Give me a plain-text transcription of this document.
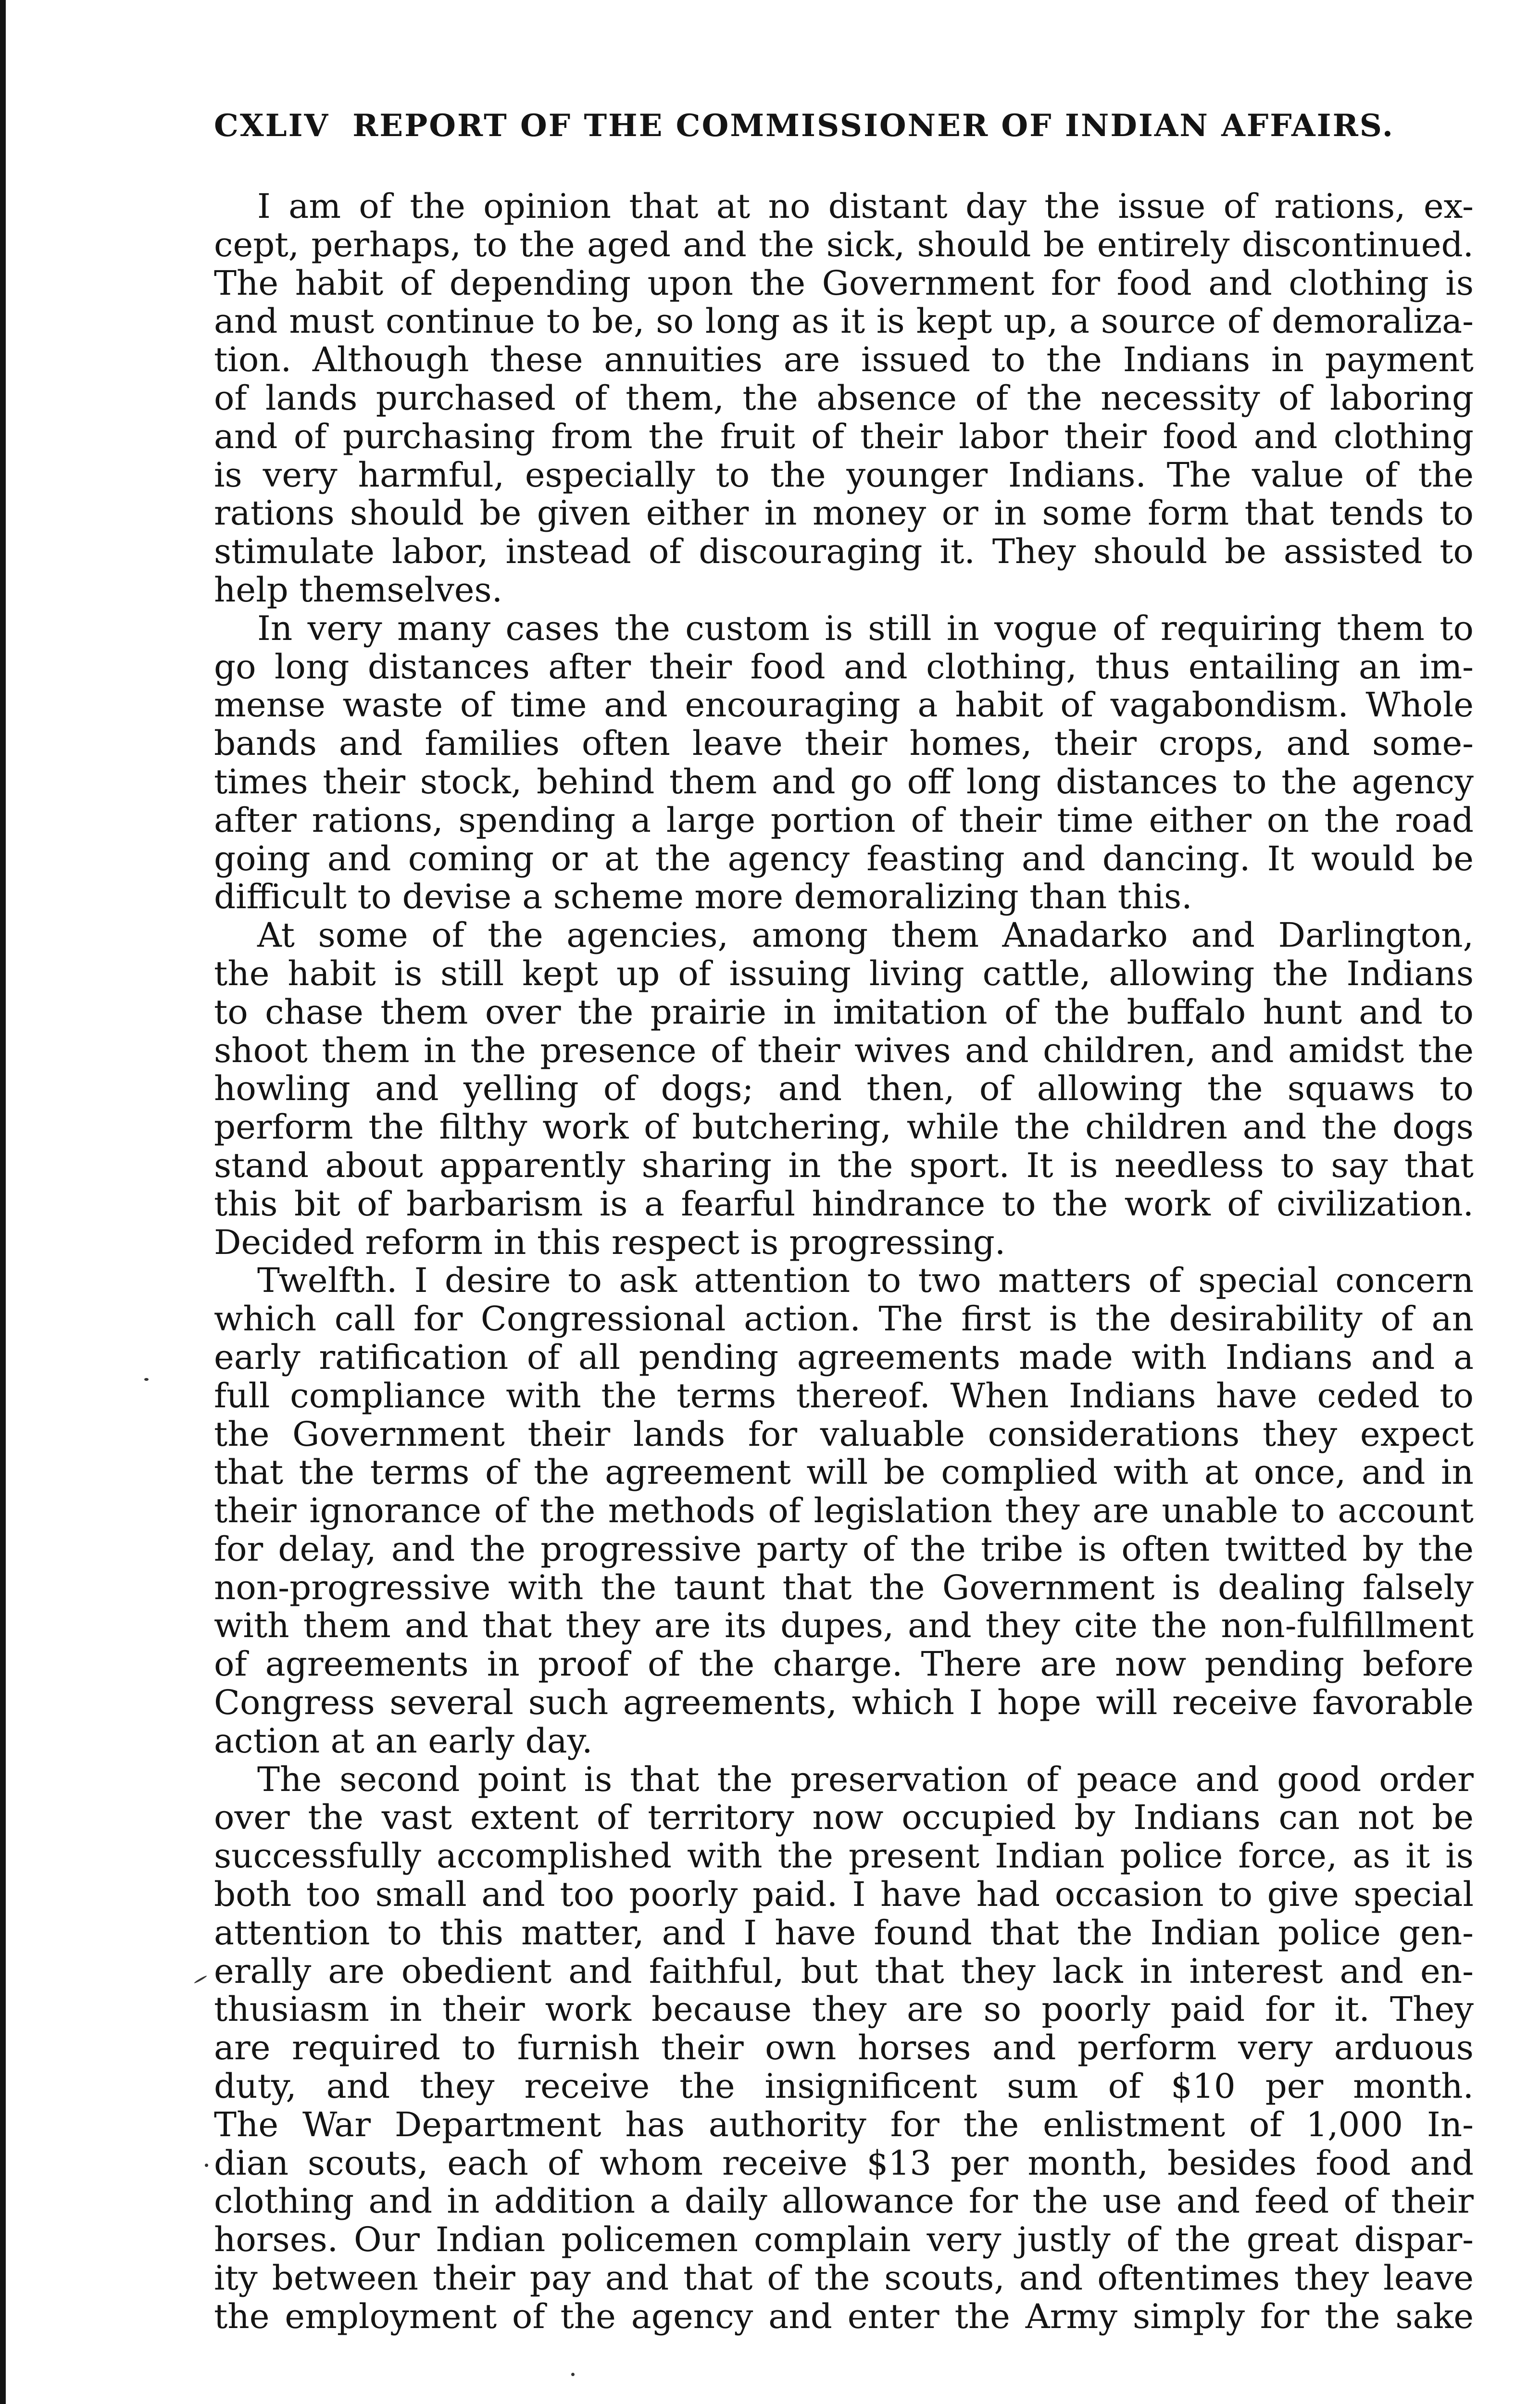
CXLIV REPORT OF THE COMMISSIONER OF INDIAN AFFAIRS.
I am of the opinion that at no distant day the issue of rations, ex-
cept, perhaps, to the aged and the sick, should be entirely discontinued.
The habit of depending upon the Government for food and clothing is
and must continue to be, so long as it is kept up, a source of demoraliza-
tion. Although these annuities are issued to the Indians in payment
of lands purchased of them, the absence of the necessity of laboring
and of purchasing from the fruit of their labor their food and clothing
is very harmful, especially to the younger Indians. The value of the
rations should be given either in money or in some form that tends to
stimulate labor, instead of discouraging it. They should be assisted to
help themselves.
In very many cases the custom is still in vogue of requiring them to
go long distances after their food and clothing, thus entailing an im-
mense waste of time and encouraging a habit of vagabondism. Whole
bands and families often leave their homes, their crops, and some-
times their stock, behind them and go off long distances to the agency
after rations, spending a large portion of their time either on the road
going and coming or at the agency feasting and dancing. It would be
difficult to devise a scheme more demoralizing than this.
At some of the agencies, among them Anadarko and Darlington,
the habit is still kept up of issuing living cattle, allowing the Indians
to chase them over the prairie in imitation of the buffalo hunt and to
shoot them in the presence of their wives and children, and amidst the
howling and yelling of dogs; and then, of allowing the squaws to
perform the filthy work of butchering, while the children and the dogs
stand about apparently sharing in the sport. It is needless to say that
this bit of barbarism is a fearful hindrance to the work of civilization.
Decided reform in this respect is progressing.
Twelfth. I desire to ask attention to two matters of special concern
which call for Congressional action. The first is the desirability of an
early ratification of all pending agreements made with Indians and a
full compliance with the terms thereof. When Indians have ceded to
the Government their lands for valuable considerations they expect
that the terms of the agreement will be complied with at once, and in
their ignorance of the methods of legislation they are unable to account
for delay, and the progressive party of the tribe is often twitted by the
non-progressive with the taunt that the Government is dealing falsely
with them and that they are its dupes, and they cite the non-fulfillment
of agreements in proof of the charge. There are now pending before
Congress several such agreements, which I hope will receive favorable
action at an early day.
The second point is that the preservation of peace and good order
over the vast extent of territory now occupied by Indians can not be
successfully accomplished with the present Indian police force, as it is
both too small and too poorly paid. I have had occasion to give special
attention to this matter, and I have found that the Indian police gen-
erally are obedient and faithful, but that they lack in interest and en-
thusiasm in their work because they are so poorly paid for it. They
are required to furnish their own horses and perform very arduous
duty, and they receive the insignificent sum of $10 per month.
The War Department has authority for the enlistment of 1,000 In-
dian scouts, each of whom receive $13 per month, besides food and
clothing and in addition a daily allowance for the use and feed of their
horses. Our Indian policemen complain very justly of the great dispar-
ity between their pay and that of the scouts, and oftentimes they leave
the employment of the agency and enter the Army simply for the sake
